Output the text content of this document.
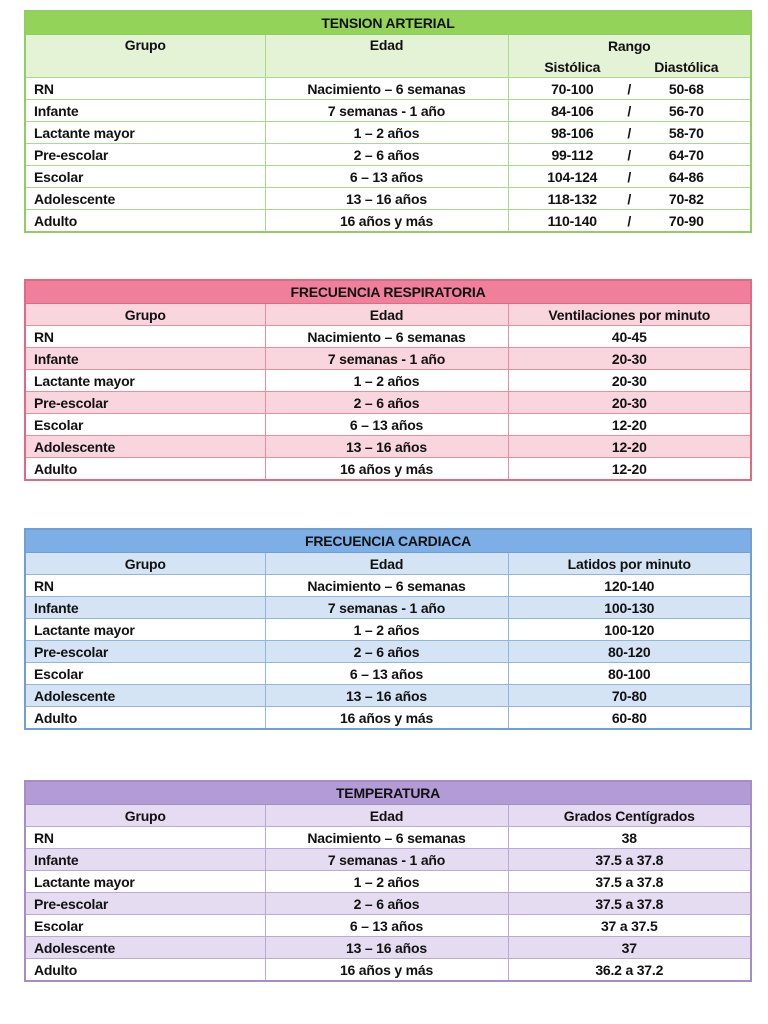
TENSION ARTERIAL		
Grupo	Edad	Rango
		Sistólica Diastólica
RN	Nacimiento – 6 semanas	70-100 / 50-68
Infante	7 semanas - 1 año	84-106 / 56-70
Lactante mayor	1 – 2 años	98-106 / 58-70
Pre-escolar	2 – 6 años	99-112 / 64-70
Escolar	6 – 13 años	104-124 / 64-86
Adolescente	13 – 16 años	118-132 / 70-82
Adulto	16 años y más	110-140 / 70-90
FRECUENCIA RESPIRATORIA		
Grupo	Edad	Ventilaciones por minuto
RN	Nacimiento – 6 semanas	40-45
Infante	7 semanas - 1 año	20-30
Lactante mayor	1 – 2 años	20-30
Pre-escolar	2 – 6 años	20-30
Escolar	6 – 13 años	12-20
Adolescente	13 – 16 años	12-20
Adulto	16 años y más	12-20
FRECUENCIA CARDIACA		
Grupo	Edad	Latidos por minuto
RN	Nacimiento – 6 semanas	120-140
Infante	7 semanas - 1 año	100-130
Lactante mayor	1 – 2 años	100-120
Pre-escolar	2 – 6 años	80-120
Escolar	6 – 13 años	80-100
Adolescente	13 – 16 años	70-80
Adulto	16 años y más	60-80
TEMPERATURA		
Grupo	Edad	Grados Centígrados
RN	Nacimiento – 6 semanas	38
Infante	7 semanas - 1 año	37.5 a 37.8
Lactante mayor	1 – 2 años	37.5 a 37.8
Pre-escolar	2 – 6 años	37.5 a 37.8
Escolar	6 – 13 años	37 a 37.5
Adolescente	13 – 16 años	37
Adulto	16 años y más	36.2 a 37.2
